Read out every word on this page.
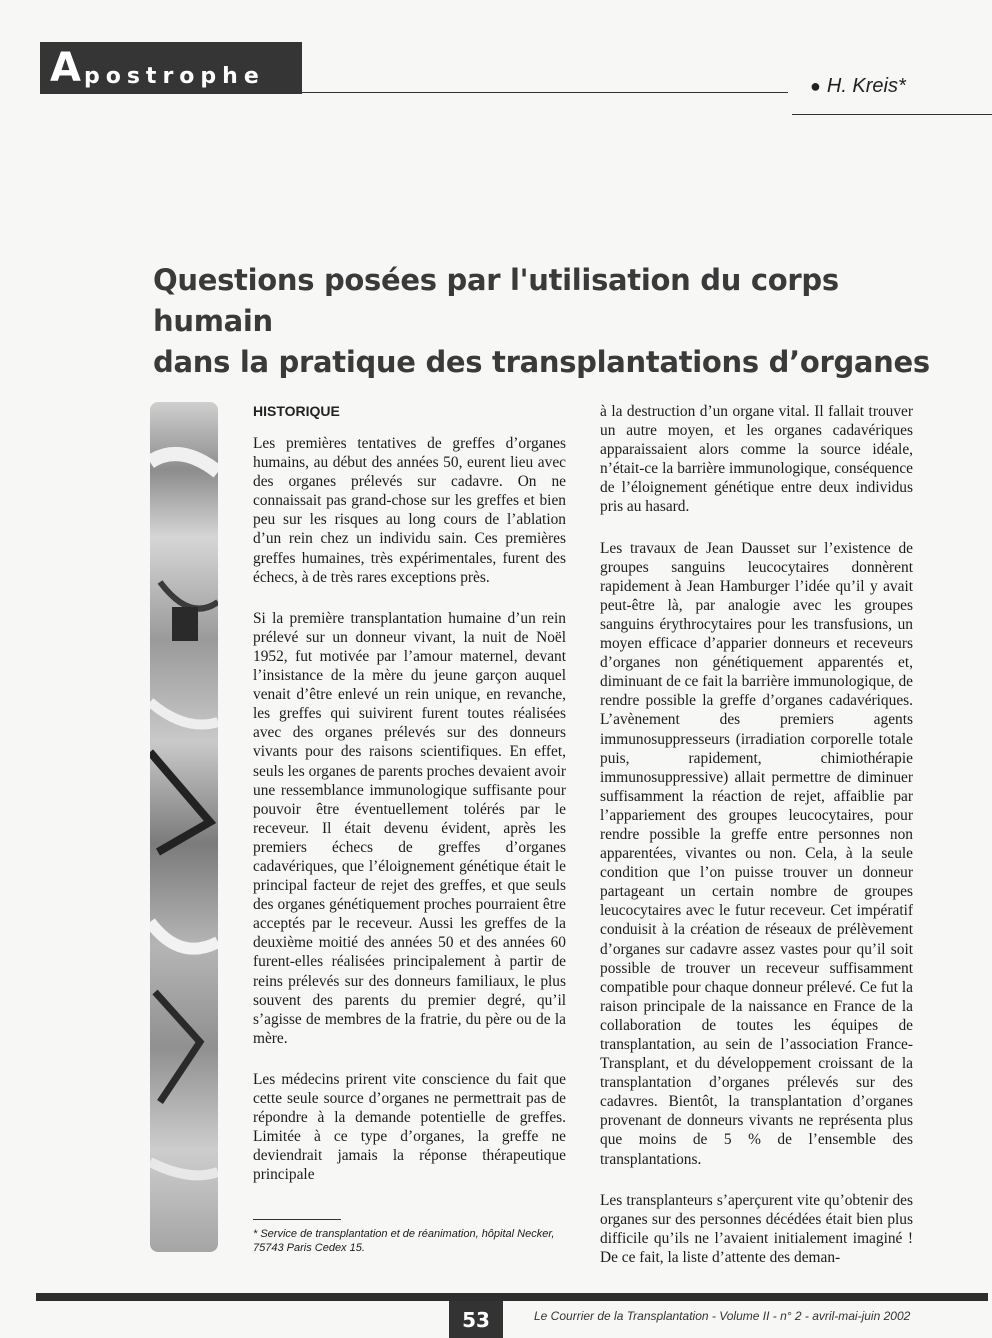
A postrophe	● H. Kreis*
Questions posées par l'utilisation du corps humain
dans la pratique des transplantations d’organes
HISTORIQUE

Les premières tentatives de greffes d’organes humains, au début des années 50, eurent lieu avec des organes prélevés sur cadavre. On ne connaissait pas grand-chose sur les greffes et bien peu sur les risques au long cours de l’ablation d’un rein chez un individu sain. Ces premières greffes humaines, très expérimentales, furent des échecs, à de très rares exceptions près.

Si la première transplantation humaine d’un rein prélevé sur un donneur vivant, la nuit de Noël 1952, fut motivée par l’amour maternel, devant l’insistance de la mère du jeune garçon auquel venait d’être enlevé un rein unique, en revanche, les greffes qui suivirent furent toutes réalisées avec des organes prélevés sur des donneurs vivants pour des raisons scientifiques. En effet, seuls les organes de parents proches devaient avoir une ressemblance immunologique suffisante pour pouvoir être éventuellement tolérés par le receveur. Il était devenu évident, après les premiers échecs de greffes d’organes cadavériques, que l’éloignement génétique était le principal facteur de rejet des greffes, et que seuls des organes génétiquement proches pourraient être acceptés par le receveur. Aussi les greffes de la deuxième moitié des années 50 et des années 60 furent-elles réalisées principalement à partir de reins prélevés sur des donneurs familiaux, le plus souvent des parents du premier degré, qu’il s’agisse de membres de la fratrie, du père ou de la mère.

Les médecins prirent vite conscience du fait que cette seule source d’organes ne permettrait pas de répondre à la demande potentielle de greffes. Limitée à ce type d’organes, la greffe ne deviendrait jamais la réponse thérapeutique principale

à la destruction d’un organe vital. Il fallait trouver un autre moyen, et les organes cadavériques apparaissaient alors comme la source idéale, n’était-ce la barrière immunologique, conséquence de l’éloignement génétique entre deux individus pris au hasard.

Les travaux de Jean Dausset sur l’existence de groupes sanguins leucocytaires donnèrent rapidement à Jean Hamburger l’idée qu’il y avait peut-être là, par analogie avec les groupes sanguins érythrocytaires pour les transfusions, un moyen efficace d’apparier donneurs et receveurs d’organes non génétiquement apparentés et, diminuant de ce fait la barrière immunologique, de rendre possible la greffe d’organes cadavériques. L’avènement des premiers agents immunosuppresseurs (irradiation corporelle totale puis, rapidement, chimiothérapie immunosuppressive) allait permettre de diminuer suffisamment la réaction de rejet, affaiblie par l’appariement des groupes leucocytaires, pour rendre possible la greffe entre personnes non apparentées, vivantes ou non. Cela, à la seule condition que l’on puisse trouver un donneur partageant un certain nombre de groupes leucocytaires avec le futur receveur. Cet impératif conduisit à la création de réseaux de prélèvement d’organes sur cadavre assez vastes pour qu’il soit possible de trouver un receveur suffisamment compatible pour chaque donneur prélevé. Ce fut la raison principale de la naissance en France de la collaboration de toutes les équipes de transplantation, au sein de l’association France-Transplant, et du développement croissant de la transplantation d’organes prélevés sur des cadavres. Bientôt, la transplantation d’organes provenant de donneurs vivants ne représenta plus que moins de 5 % de l’ensemble des transplantations.

Les transplanteurs s’aperçurent vite qu’obtenir des organes sur des personnes décédées était bien plus difficile qu’ils ne l’avaient initialement imaginé ! De ce fait, la liste d’attente des deman-

* Service de transplantation et de réanimation, hôpital Necker, 75743 Paris Cedex 15.
53	Le Courrier de la Transplantation - Volume II - n° 2 - avril-mai-juin 2002
